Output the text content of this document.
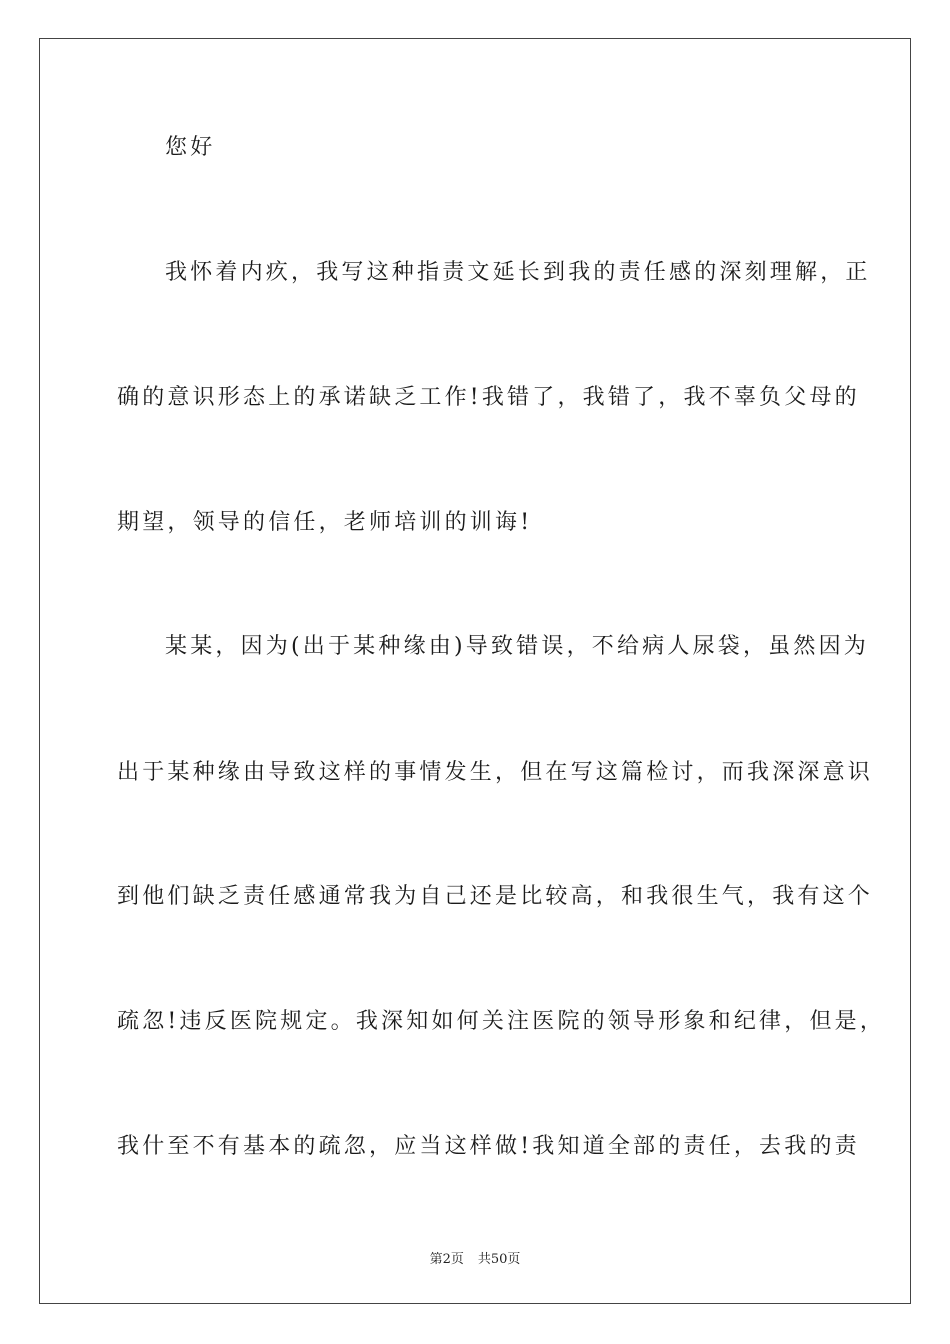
您好
我怀着内疚，我写这种指责文延长到我的责任感的深刻理解，正
确的意识形态上的承诺缺乏工作!我错了，我错了，我不辜负父母的
期望，领导的信任，老师培训的训诲!
某某，因为(出于某种缘由)导致错误，不给病人尿袋，虽然因为
出于某种缘由导致这样的事情发生，但在写这篇检讨，而我深深意识
到他们缺乏责任感通常我为自己还是比较高，和我很生气，我有这个
疏忽!违反医院规定。我深知如何关注医院的领导形象和纪律，但是，
我什至不有基本的疏忽，应当这样做!我知道全部的责任，去我的责
第2页 共50页
